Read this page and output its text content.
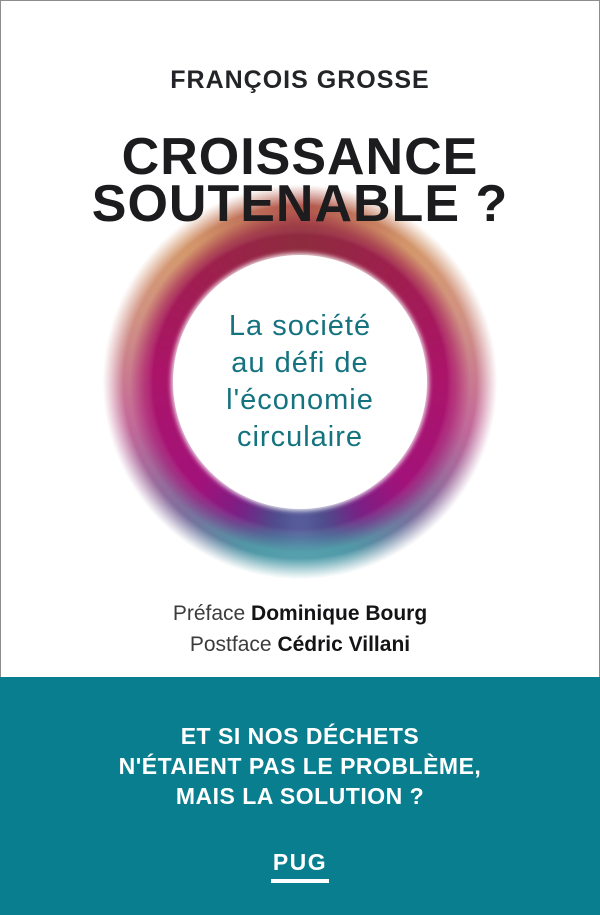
FRANÇOIS GROSSE
CROISSANCE
SOUTENABLE ?
La société
au défi de
l'économie
circulaire
Préface Dominique Bourg
Postface Cédric Villani
ET SI NOS DÉCHETS
N'ÉTAIENT PAS LE PROBLÈME,
MAIS LA SOLUTION ?
PUG
